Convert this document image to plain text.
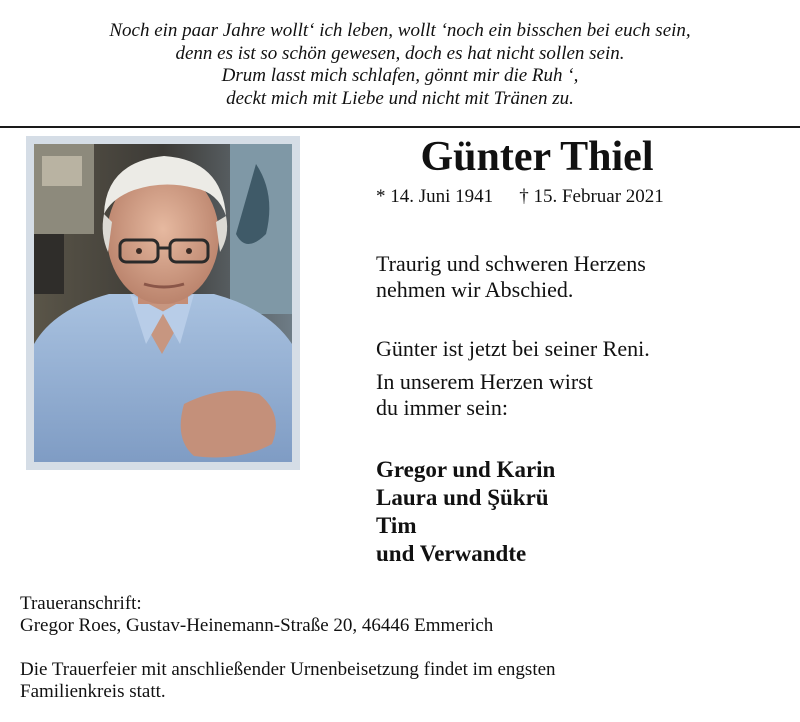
Noch ein paar Jahre wollt‘ ich leben, wollt ‘noch ein bisschen bei euch sein,
denn es ist so schön gewesen, doch es hat nicht sollen sein.
Drum lasst mich schlafen, gönnt mir die Ruh ‘,
deckt mich mit Liebe und nicht mit Tränen zu.
Günter Thiel
* 14. Juni 1941 † 15. Februar 2021
Traurig und schweren Herzens
nehmen wir Abschied.
Günter ist jetzt bei seiner Reni.
In unserem Herzen wirst
du immer sein:
Gregor und Karin
Laura und Şükrü
Tim
und Verwandte
Traueranschrift:
Gregor Roes, Gustav-Heinemann-Straße 20, 46446 Emmerich
Die Trauerfeier mit anschließender Urnenbeisetzung findet im engsten
Familienkreis statt.
